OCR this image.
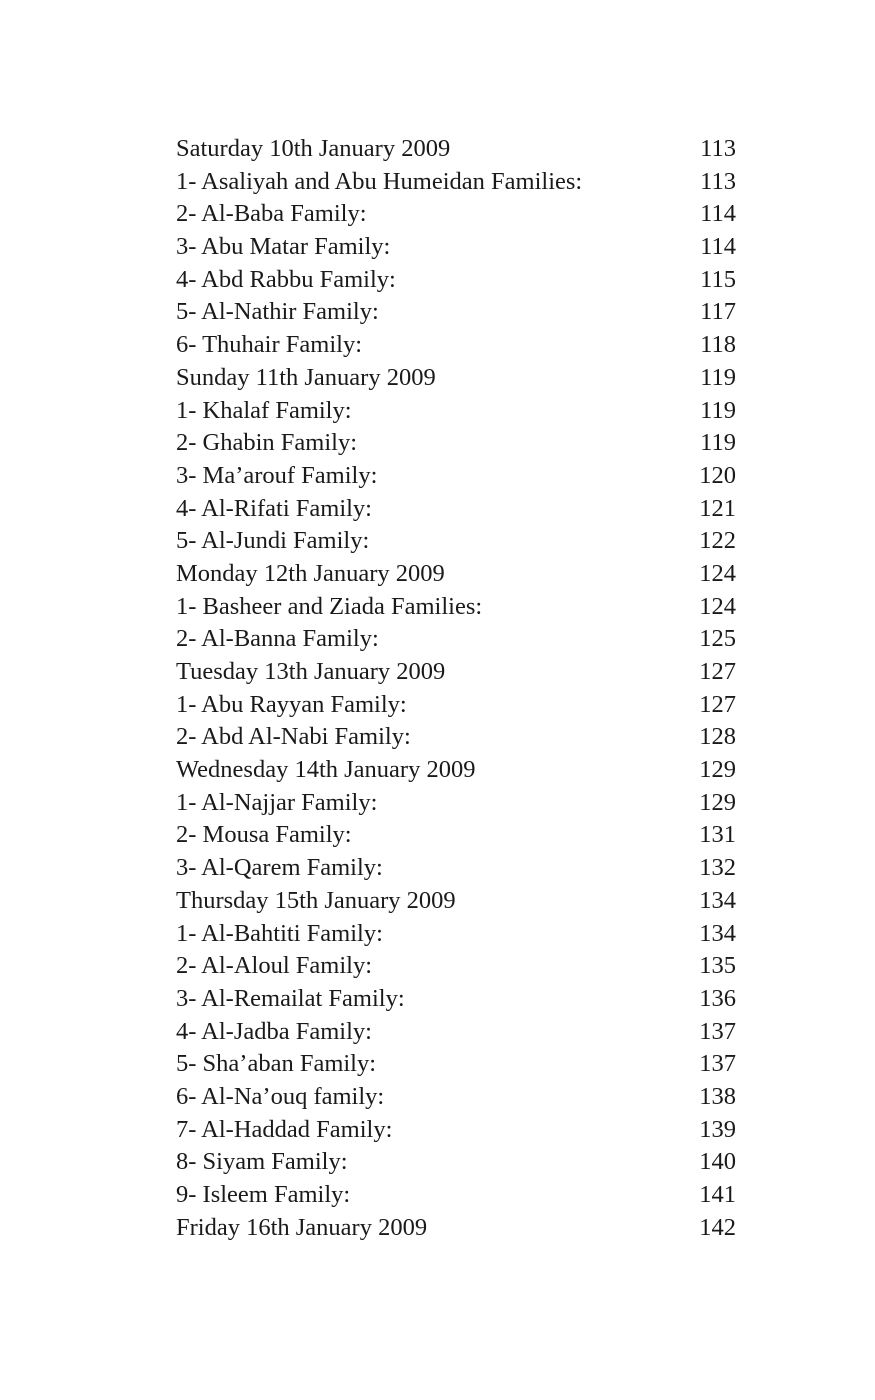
Saturday 10th January 2009	113
1- Asaliyah and Abu Humeidan Families:	113
2- Al-Baba Family:	114
3- Abu Matar Family:	114
4- Abd Rabbu Family:	115
5- Al-Nathir Family:	117
6- Thuhair Family:	118
Sunday 11th January 2009	119
1- Khalaf Family:	119
2- Ghabin Family:	119
3- Ma’arouf Family:	120
4- Al-Rifati Family:	121
5- Al-Jundi Family:	122
Monday 12th January 2009	124
1- Basheer and Ziada Families:	124
2- Al-Banna Family:	125
Tuesday 13th January 2009	127
1- Abu Rayyan Family:	127
2- Abd Al-Nabi Family:	128
Wednesday 14th January 2009	129
1- Al-Najjar Family:	129
2- Mousa Family:	131
3- Al-Qarem Family:	132
Thursday 15th January 2009	134
1- Al-Bahtiti Family:	134
2- Al-Aloul Family:	135
3- Al-Remailat Family:	136
4- Al-Jadba Family:	137
5- Sha’aban Family:	137
6- Al-Na’ouq family:	138
7- Al-Haddad Family:	139
8- Siyam Family:	140
9- Isleem Family:	141
Friday 16th January 2009	142
